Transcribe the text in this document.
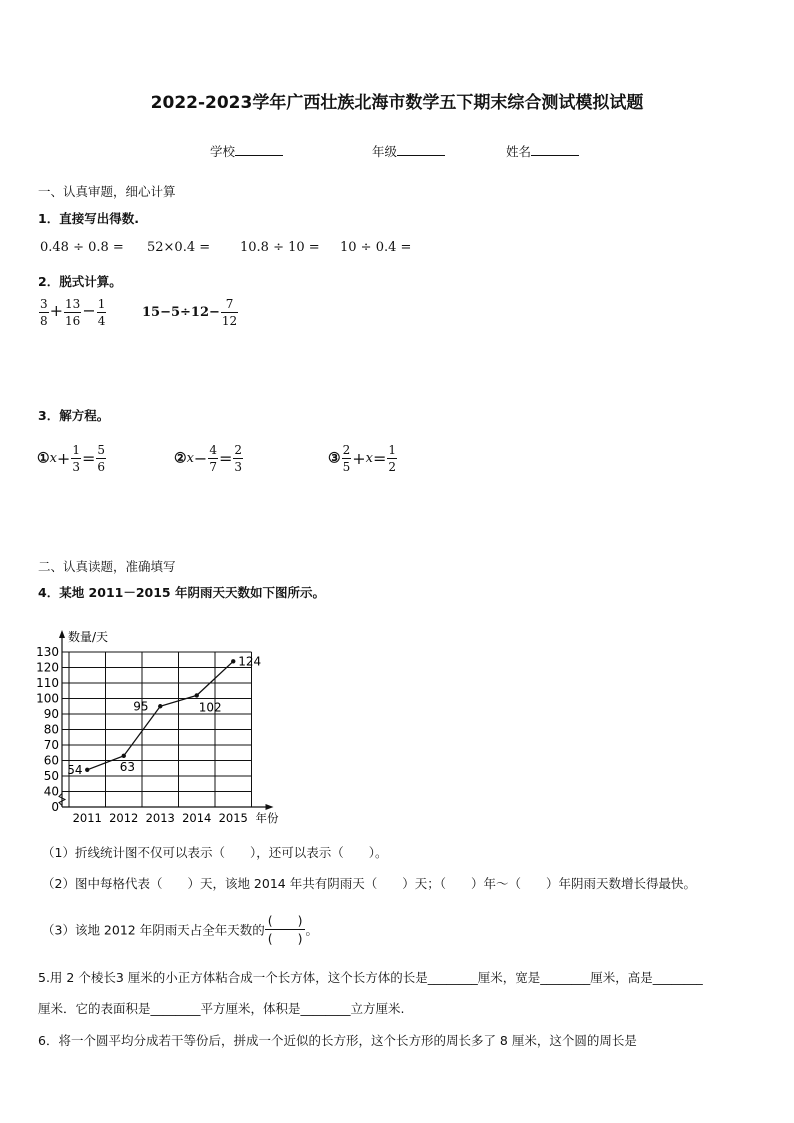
2022-2023学年广西壮族北海市数学五下期末综合测试模拟试题
学校	年级	姓名
一、认真审题，细心计算
1．直接写出得数.
0.48 ÷ 0.8 = 52×0.4 = 10.8 ÷ 10 = 10 ÷ 0.4 =
2．脱式计算。
$\frac{3}{8} + \frac{13}{16} - \frac{1}{4}$	$15-5\div 12- \frac{7}{12}$
3．解方程。
①x+ $\frac{1}{3} = \frac{5}{6}$	②x− $\frac{4}{7} = \frac{2}{3}$	③ $\frac{2}{5} +x= \frac{1}{2}$
二、认真读题，准确填写
4．某地 2011－2015 年阴雨天天数如下图所示。
数量/天
年份
0
40
50
60
70
80
90
100
110
120
130
2011 2012 2013 2014 2015
54	63
95	102
124
（1）折线统计图不仅可以表示（　　），还可以表示（　　）。
（2）图中每格代表（　　）天，该地 2014 年共有阴雨天（　　）天；（　　）年～（　　）年阴雨天数增长得最快。
（3）该地 2012 年阴雨天占全年天数的 $\frac{( )}{( )}$。
5.用 2 个棱长3 厘米的小正方体粘合成一个长方体，这个长方体的长是________厘米，宽是________厘米，高是________
厘米．它的表面积是________平方厘米，体积是________立方厘米.
6．将一个圆平均分成若干等份后，拼成一个近似的长方形，这个长方形的周长多了 8 厘米，这个圆的周长是
